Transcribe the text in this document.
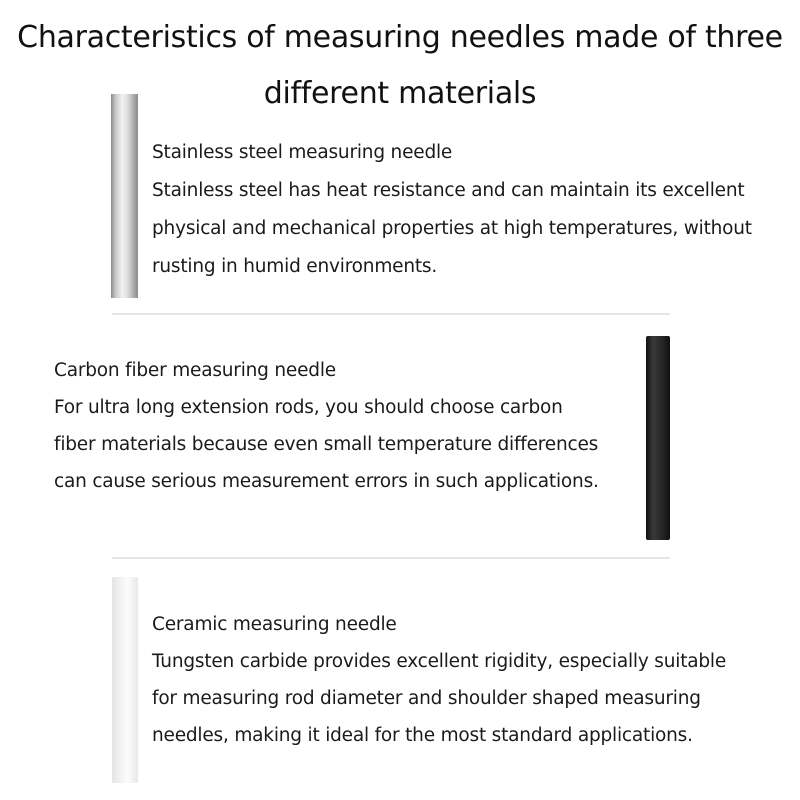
Characteristics of measuring needles made of three
different materials
Stainless steel measuring needle
Stainless steel has heat resistance and can maintain its excellent
physical and mechanical properties at high temperatures, without
rusting in humid environments.
Carbon fiber measuring needle
For ultra long extension rods, you should choose carbon
fiber materials because even small temperature differences
can cause serious measurement errors in such applications.
Ceramic measuring needle
Tungsten carbide provides excellent rigidity, especially suitable
for measuring rod diameter and shoulder shaped measuring
needles, making it ideal for the most standard applications.
